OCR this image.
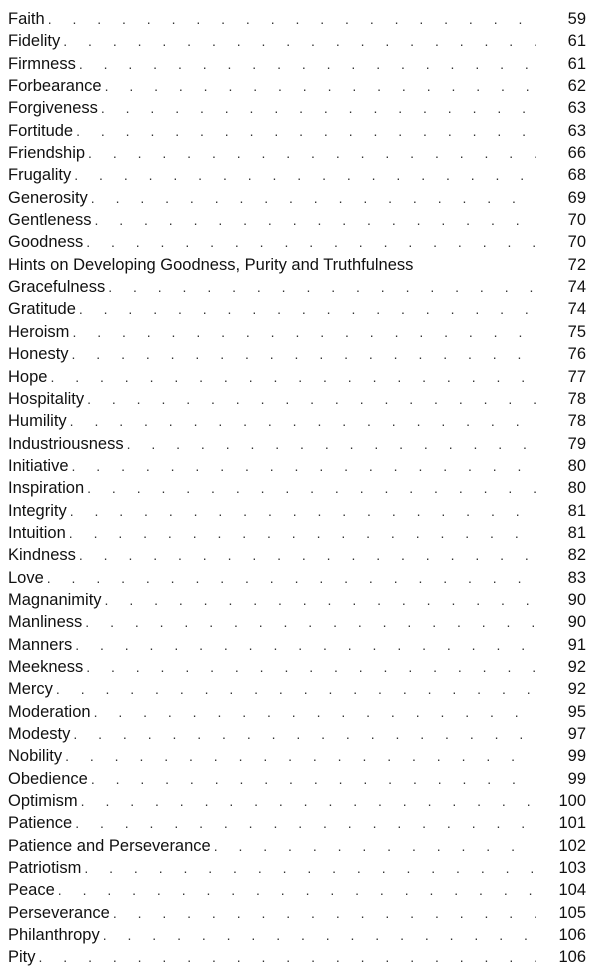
Faith . . .	59
Fidelity . . .	61
Firmness . . .	61
Forbearance . . .	62
Forgiveness . . .	63
Fortitude . . .	63
Friendship . . .	66
Frugality . . .	68
Generosity . . .	69
Gentleness . . .	70
Goodness . . .	70
Hints on Developing Goodness, Purity and Truthfulness	72
Gracefulness . . .	74
Gratitude . . .	74
Heroism . . .	75
Honesty . . .	76
Hope . . .	77
Hospitality . . .	78
Humility . . .	78
Industriousness . . .	79
Initiative . . .	80
Inspiration . . .	80
Integrity . . .	81
Intuition . . .	81
Kindness . . .	82
Love . . .	83
Magnanimity . . .	90
Manliness . . .	90
Manners . . .	91
Meekness . . .	92
Mercy . . .	92
Moderation . . .	95
Modesty . . .	97
Nobility . . .	99
Obedience . . .	99
Optimism . . .	100
Patience . . .	101
Patience and Perseverance . . .	102
Patriotism . . .	103
Peace . . .	104
Perseverance . . .	105
Philanthropy . . .	106
Pity . . .	106
